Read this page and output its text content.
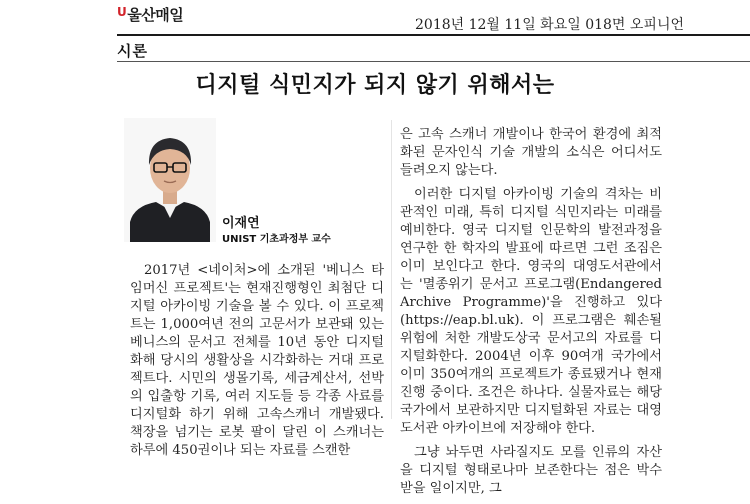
$^U$울산매일
2018년 12월 11일 화요일 018면 오피니언
시론
디지털 식민지가 되지 않기 위해서는
이재연
UNIST 기초과정부 교수

2017년 <네이처>에 소개된 '베니스 타임머신 프로젝트'는 현재진행형인 최첨단 디지털 아카이빙 기술을 볼 수 있다. 이 프로젝트는 1,000여년 전의 고문서가 보관돼 있는 베니스의 문서고 전체를 10년 동안 디지털화해 당시의 생활상을 시각화하는 거대 프로젝트다. 시민의 생몰기록, 세금계산서, 선박의 입출항 기록, 여러 지도들 등 각종 사료를 디지털화 하기 위해 고속스캐너 개발됐다. 책장을 넘기는 로봇 팔이 달린 이 스캐너는 하루에 450권이나 되는 자료를 스캔한

은 고속 스캐너 개발이나 한국어 환경에 최적화된 문자인식 기술 개발의 소식은 어디서도 들려오지 않는다.

이러한 디지털 아카이빙 기술의 격차는 비관적인 미래, 특히 디지털 식민지라는 미래를 예비한다. 영국 디지털 인문학의 발전과정을 연구한 한 학자의 발표에 따르면 그런 조짐은 이미 보인다고 한다. 영국의 대영도서관에서는 '멸종위기 문서고 프로그램(Endangered Archive Programme)'을 진행하고 있다(https://eap.bl.uk). 이 프로그램은 훼손될 위험에 처한 개발도상국 문서고의 자료를 디지털화한다. 2004년 이후 90여개 국가에서 이미 350여개의 프로젝트가 종료됐거나 현재 진행 중이다. 조건은 하나다. 실물자료는 해당국가에서 보관하지만 디지털화된 자료는 대영 도서관 아카이브에 저장해야 한다.

그냥 놔두면 사라질지도 모를 인류의 자산을 디지털 형태로나마 보존한다는 점은 박수 받을 일이지만, 그
